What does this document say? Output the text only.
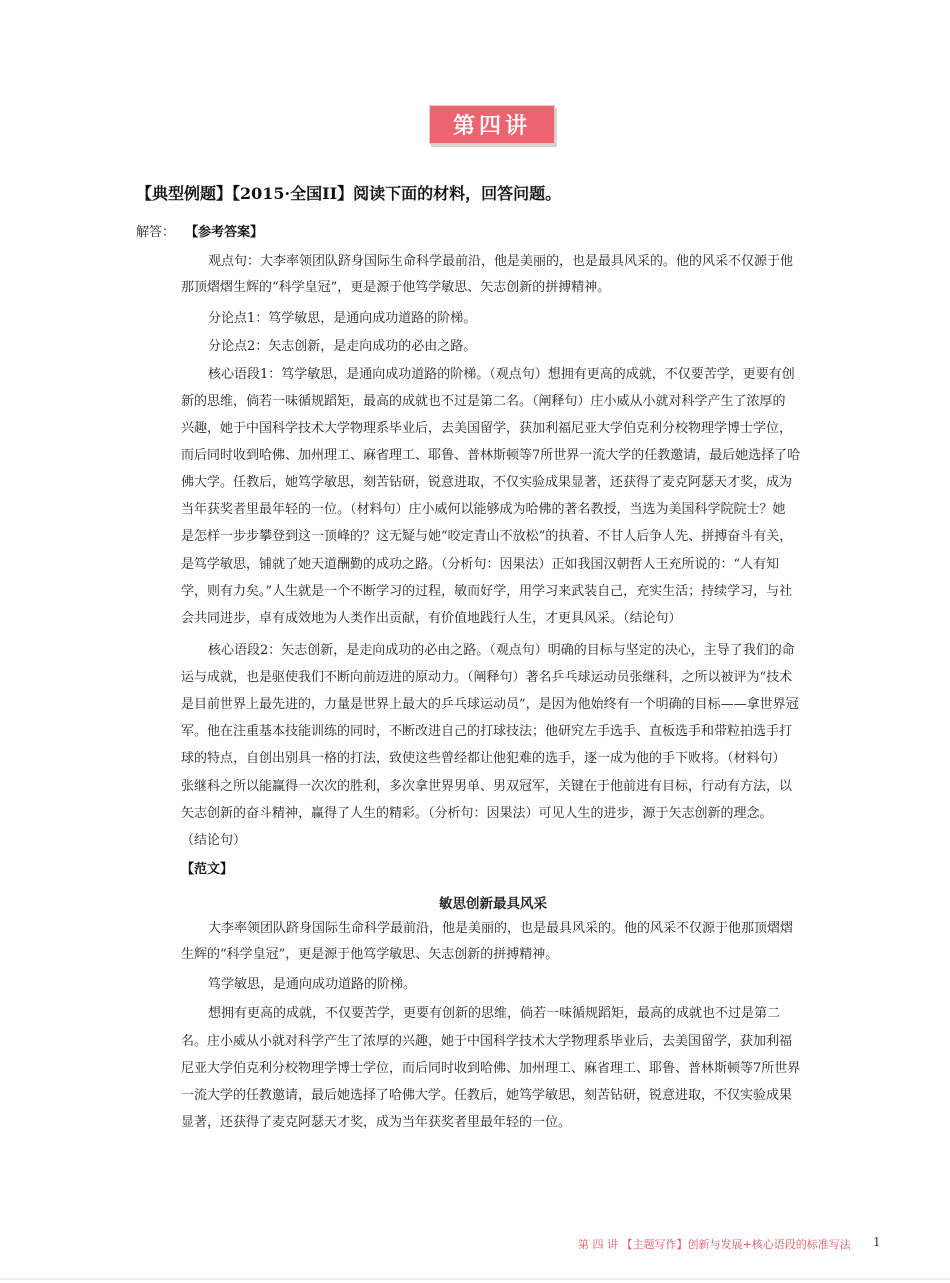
第四讲
【典型例题】【2015·全国II】阅读下面的材料，回答问题。
解答： 【参考答案】
观点句：大李率领团队跻身国际生命科学最前沿，他是美丽的，也是最具风采的。他的风采不仅源于他
那顶熠熠生辉的“科学皇冠”，更是源于他笃学敏思、矢志创新的拼搏精神。
分论点1：笃学敏思，是通向成功道路的阶梯。
分论点2：矢志创新，是走向成功的必由之路。
核心语段1：笃学敏思，是通向成功道路的阶梯。（观点句）想拥有更高的成就，不仅要苦学，更要有创
新的思维，倘若一味循规蹈矩，最高的成就也不过是第二名。（阐释句）庄小威从小就对科学产生了浓厚的
兴趣，她于中国科学技术大学物理系毕业后，去美国留学，获加利福尼亚大学伯克利分校物理学博士学位，
而后同时收到哈佛、加州理工、麻省理工、耶鲁、普林斯顿等7所世界一流大学的任教邀请，最后她选择了哈
佛大学。任教后，她笃学敏思，刻苦钻研，锐意进取，不仅实验成果显著，还获得了麦克阿瑟天才奖，成为
当年获奖者里最年轻的一位。（材料句）庄小威何以能够成为哈佛的著名教授，当选为美国科学院院士？她
是怎样一步步攀登到这一顶峰的？这无疑与她“咬定青山不放松”的执着、不甘人后争人先、拼搏奋斗有关，
是笃学敏思，铺就了她天道酬勤的成功之路。（分析句：因果法）正如我国汉朝哲人王充所说的：“人有知
学，则有力矣。”人生就是一个不断学习的过程，敏而好学，用学习来武装自己，充实生活；持续学习，与社
会共同进步，卓有成效地为人类作出贡献，有价值地践行人生，才更具风采。（结论句）
核心语段2：矢志创新，是走向成功的必由之路。（观点句）明确的目标与坚定的决心，主导了我们的命
运与成就，也是驱使我们不断向前迈进的原动力。（阐释句）著名乒乓球运动员张继科，之所以被评为“技术
是目前世界上最先进的，力量是世界上最大的乒乓球运动员”，是因为他始终有一个明确的目标——拿世界冠
军。他在注重基本技能训练的同时，不断改进自己的打球技法；他研究左手选手、直板选手和带粒拍选手打
球的特点，自创出别具一格的打法，致使这些曾经都让他犯难的选手，逐一成为他的手下败将。（材料句）
张继科之所以能赢得一次次的胜利，多次拿世界男单、男双冠军，关键在于他前进有目标，行动有方法，以
矢志创新的奋斗精神，赢得了人生的精彩。（分析句：因果法）可见人生的进步，源于矢志创新的理念。
（结论句）
【范文】
敏思创新最具风采
大李率领团队跻身国际生命科学最前沿，他是美丽的，也是最具风采的。他的风采不仅源于他那顶熠熠
生辉的“科学皇冠”，更是源于他笃学敏思、矢志创新的拼搏精神。
笃学敏思，是通向成功道路的阶梯。
想拥有更高的成就，不仅要苦学，更要有创新的思维，倘若一味循规蹈矩，最高的成就也不过是第二
名。庄小威从小就对科学产生了浓厚的兴趣，她于中国科学技术大学物理系毕业后，去美国留学，获加利福
尼亚大学伯克利分校物理学博士学位，而后同时收到哈佛、加州理工、麻省理工、耶鲁、普林斯顿等7所世界
一流大学的任教邀请，最后她选择了哈佛大学。任教后，她笃学敏思，刻苦钻研，锐意进取，不仅实验成果
显著，还获得了麦克阿瑟天才奖，成为当年获奖者里最年轻的一位。
第 四 讲 【主题写作】创新与发展+核心语段的标准写法 1
